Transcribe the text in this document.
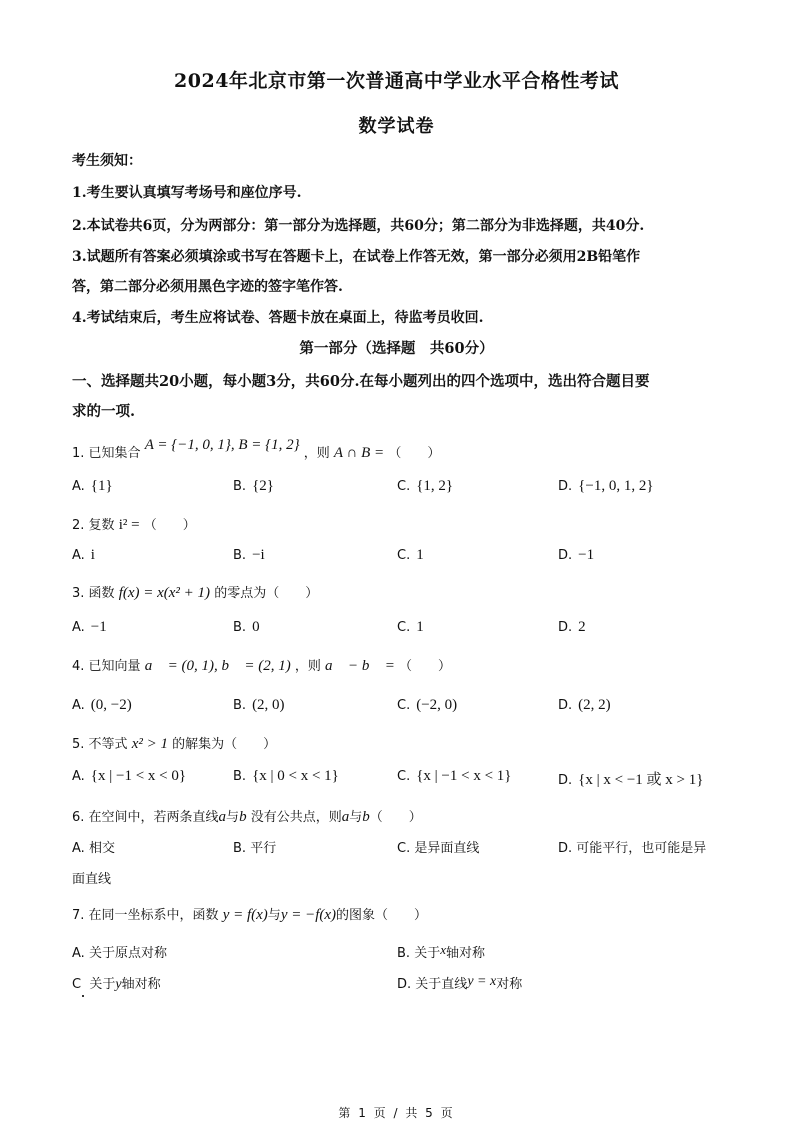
2024年北京市第一次普通高中学业水平合格性考试
数学试卷
考生须知：
1.考生要认真填写考场号和座位序号.
2.本试卷共6页，分为两部分：第一部分为选择题，共60分；第二部分为非选择题，共40分.
3.试题所有答案必须填涂或书写在答题卡上，在试卷上作答无效，第一部分必须用2B铅笔作
答，第二部分必须用黑色字迹的签字笔作答.
4.考试结束后，考生应将试卷、答题卡放在桌面上，待监考员收回.
第一部分（选择题　共60分）
一、选择题共20小题，每小题3分，共60分.在每小题列出的四个选项中，选出符合题目要
求的一项.
1. 已知集合 A = {−1, 0, 1}, B = {1, 2} ，则 A ∩ B = （　　）
A. {1}	B. {2}	C. {1, 2}	D. {−1, 0, 1, 2}
2. 复数 i² = （　　）
A. i	B. −i	C. 1	D. −1
3. 函数 f(x) = x(x² + 1) 的零点为（　　）
A. −1	B. 0	C. 1	D. 2
4. 已知向量 a⃗ = (0, 1), b⃗ = (2, 1) ，则 a⃗ − b⃗ = （　　）
A. (0, −2)	B. (2, 0)	C. (−2, 0)	D. (2, 2)
5. 不等式 x² > 1 的解集为（　　）
A. {x | −1 < x < 0}	B. {x | 0 < x < 1}	C. {x | −1 < x < 1}	D. {x | x < −1 或 x > 1}
6. 在空间中，若两条直线a与b 没有公共点，则a与b（　　）
A. 相交	B. 平行	C. 是异面直线	D. 可能平行，也可能是异
面直线
7. 在同一坐标系中，函数 y = f(x)与y = −f(x)的图象（　　）
A. 关于原点对称	B. 关于x轴对称
C 关于y轴对称	D. 关于直线y = x对称
第 1 页 / 共 5 页
